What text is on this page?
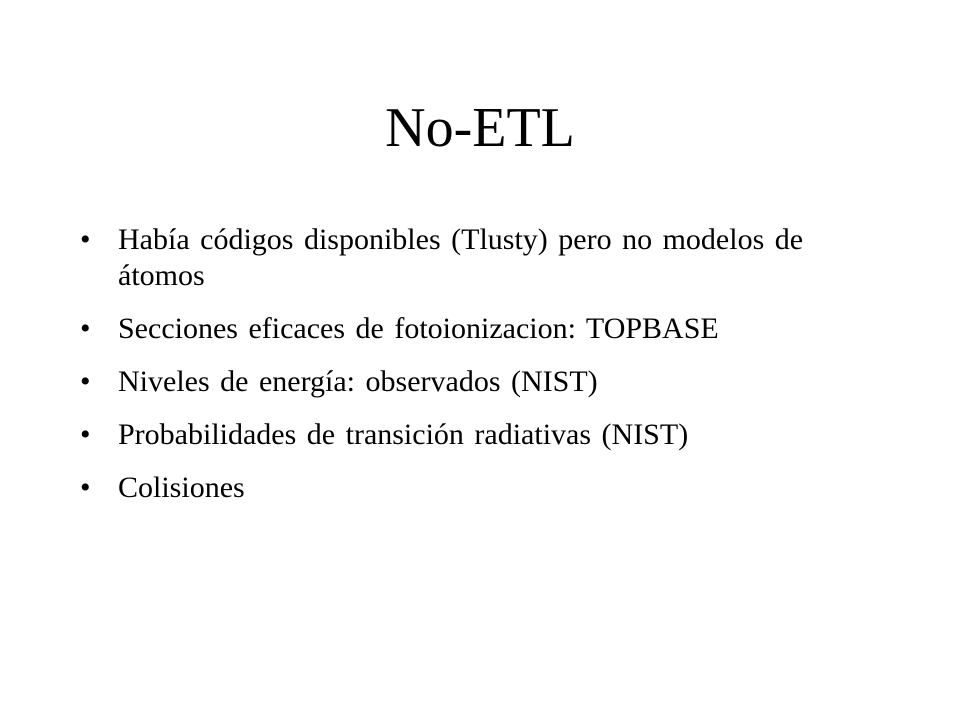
No-ETL
• Había códigos disponibles (Tlusty) pero no modelos de átomos
• Secciones eficaces de fotoionizacion: TOPBASE
• Niveles de energía: observados (NIST)
• Probabilidades de transición radiativas (NIST)
• Colisiones
